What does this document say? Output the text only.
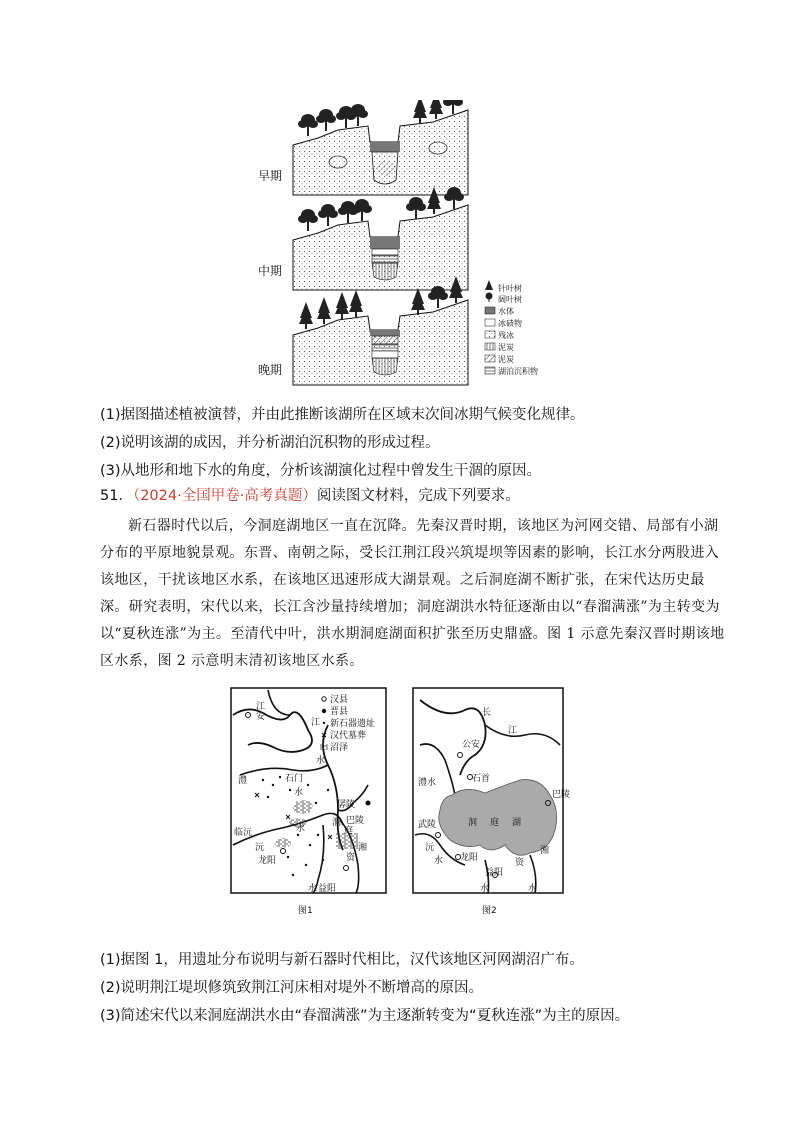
早期
中期
晚期
针叶树
阔叶树
水体
冰碛物
残冰
泥炭
泥炭
湖泊沉积物
(1)据图描述植被演替，并由此推断该湖所在区域末次间冰期气候变化规律。
(2)说明该湖的成因，并分析湖泊沉积物的形成过程。
(3)从地形和地下水的角度，分析该湖演化过程中曾发生干涸的原因。
51．（2024·全国甲卷·高考真题）阅读图文材料，完成下列要求。
新石器时代以后，今洞庭湖地区一直在沉降。先秦汉晋时期，该地区为河网交错、局部有小湖分布的平原地貌景观。东晋、南朝之际，受长江荆江段兴筑堤坝等因素的影响，长江水分两股进入该地区，干扰该地区水系，在该地区迅速形成大湖景观。之后洞庭湖不断扩张，在宋代达历史最深。研究表明，宋代以来，长江含沙量持续增加；洞庭湖洪水特征逐渐由以“春溜满涨”为主转变为以“夏秋连涨”为主。至清代中叶，洪水期洞庭湖面积扩张至历史鼎盛。图 1 示意先秦汉晋时期该地区水系，图 2 示意明末清初该地区水系。
汉县
晋县
新石器遗址
汉代墓葬
沼泽
江
水
石门
澧
水
孱陵
巴陵
洞
庭
湘
资
沅
龙阳
临沅	水
益阳
水
江
安
图1
长
公安
江
石首
澧水
巴陵
洞 庭 湖
武陵
沅
水 龙阳
湘
资
益阳
水	水
图2
(1)据图 1，用遗址分布说明与新石器时代相比，汉代该地区河网湖沼广布。
(2)说明荆江堤坝修筑致荆江河床相对堤外不断增高的原因。
(3)简述宋代以来洞庭湖洪水由“春溜满涨”为主逐渐转变为“夏秋连涨”为主的原因。
